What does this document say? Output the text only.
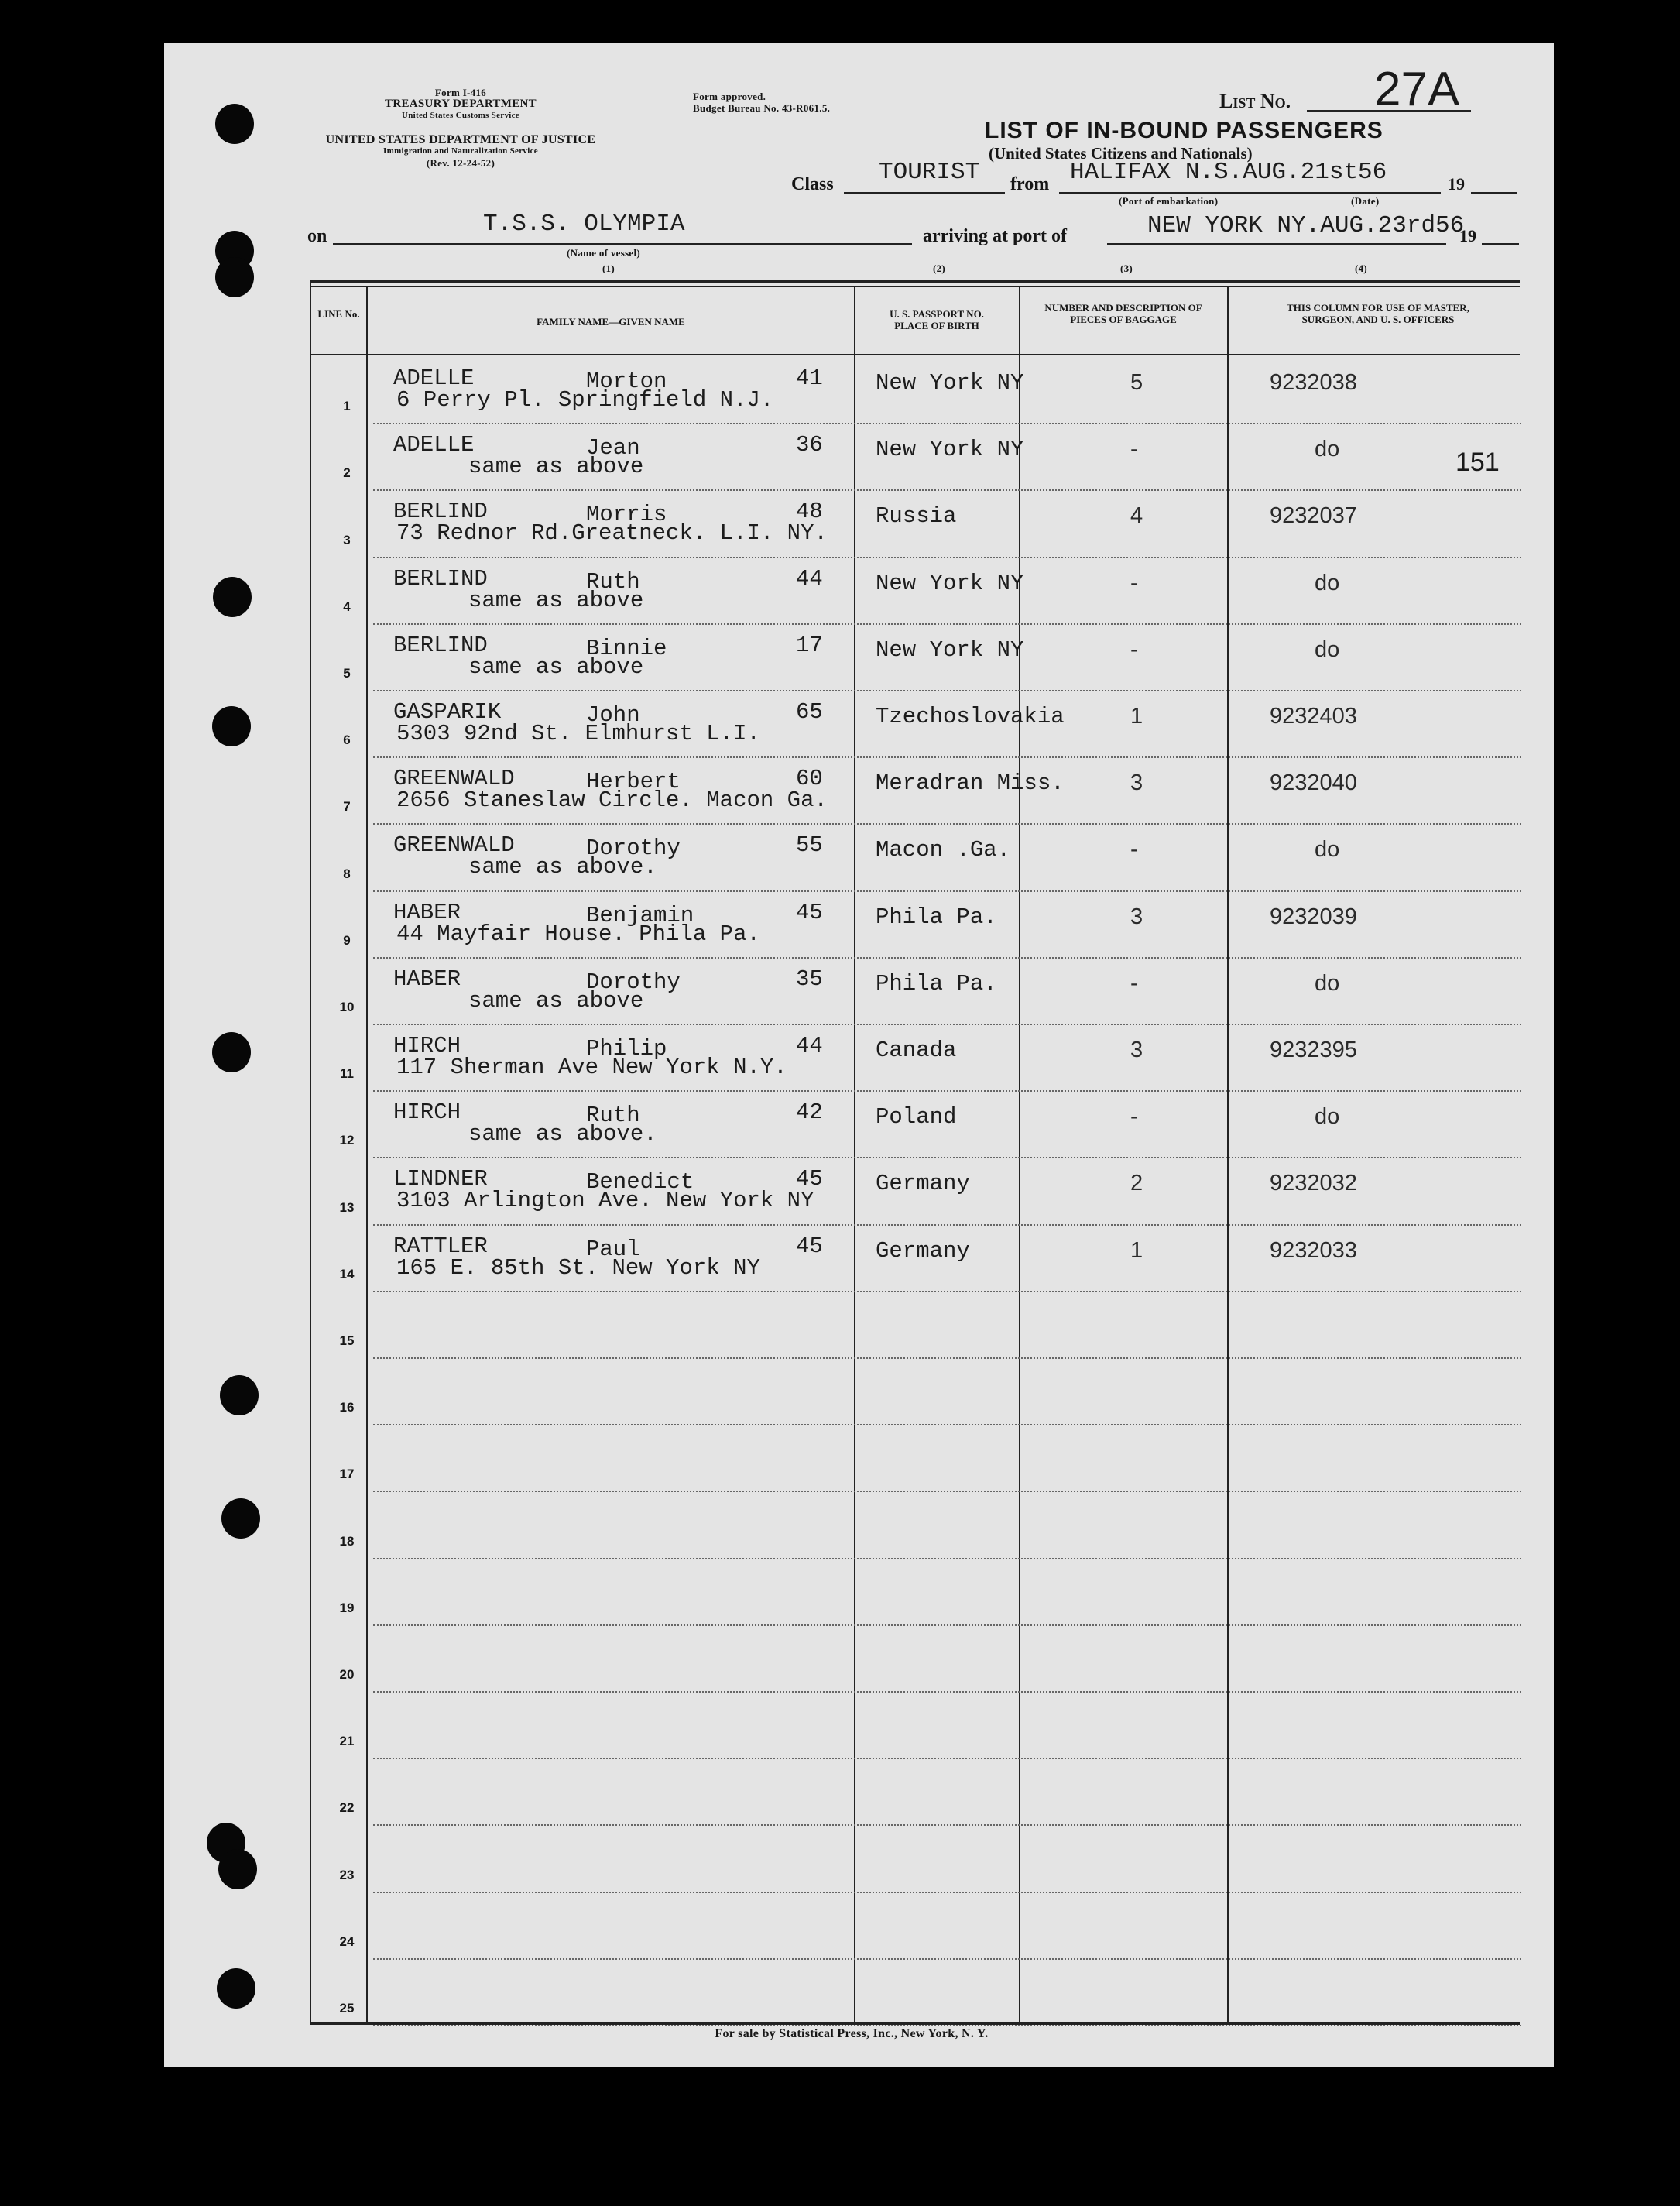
Form I-416
TREASURY DEPARTMENT
United States Customs Service
UNITED STATES DEPARTMENT OF JUSTICE
Immigration and Naturalization Service
(Rev. 12-24-52)
Form approved.
Budget Bureau No. 43-R061.5.	List No. 27A
LIST OF IN-BOUND PASSENGERS
(United States Citizens and Nationals)
Class TOURIST from HALIFAX N.S.AUG.21st56	19
(Port of embarkation)	(Date)
on	T.S.S. OLYMPIA
(Name of vessel)
arriving at port of	NEW YORK NY.AUG.23rd56
19
(1)	(2)	(3)	(4)
LINE No.
FAMILY NAME—GIVEN NAME
U. S. PASSPORT NO. PLACE OF BIRTH
NUMBER AND DESCRIPTION OF PIECES OF BAGGAGE
THIS COLUMN FOR USE OF MASTER, SURGEON, AND U. S. OFFICERS
151
1
ADELLE	Morton	41
6 Perry Pl. Springfield N.J.
New York NY	5	9232038
2
ADELLE	Jean	36
same as above
New York NY	-	do
3
BERLIND	Morris	48
73 Rednor Rd.Greatneck. L.I. NY.
Russia	4	9232037
4
BERLIND	Ruth	44
same as above
New York NY	-	do
5
BERLIND	Binnie	17
same as above
New York NY	-	do
6
GASPARIK	John	65
5303 92nd St. Elmhurst L.I.
Tzechoslovakia	1	9232403
7
GREENWALD	Herbert	60
2656 Staneslaw Circle. Macon Ga.
Meradran Miss.	3	9232040
8
GREENWALD	Dorothy	55
same as above.
Macon .Ga.	-	do
9
HABER	Benjamin	45
44 Mayfair House. Phila Pa.
Phila Pa.	3	9232039
10
HABER	Dorothy	35
same as above
Phila Pa.	-	do
11
HIRCH	Philip	44
117 Sherman Ave New York N.Y.
Canada	3	9232395
12
HIRCH	Ruth	42
same as above.
Poland	-	do
13
LINDNER	Benedict	45
3103 Arlington Ave. New York NY
Germany	2	9232032
14
RATTLER	Paul	45
165 E. 85th St. New York NY
Germany	1	9232033
15
16
17
18
19
20
21
22
23
24
25
For sale by Statistical Press, Inc., New York, N. Y.
